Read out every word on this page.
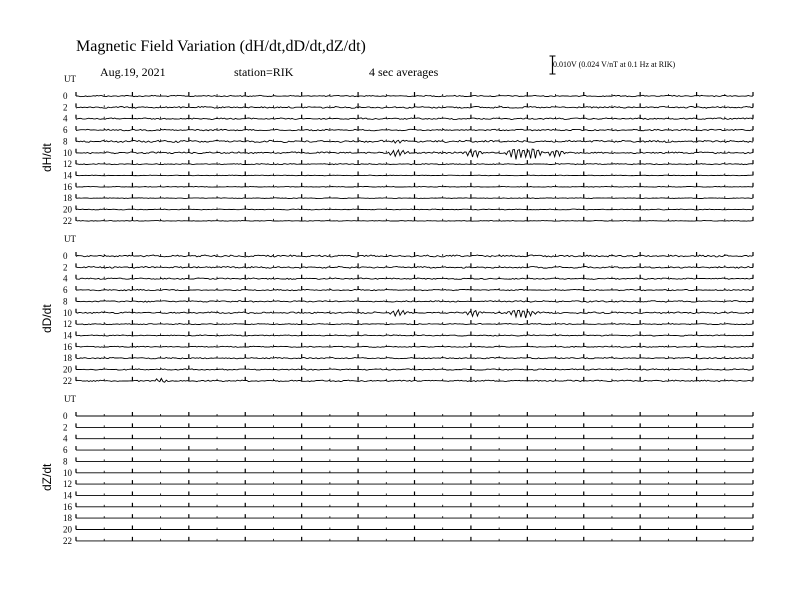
Magnetic Field Variation (dH/dt,dD/dt,dZ/dt)
Aug.19, 2021	station=RIK	4 sec averages
0.010V (0.024 V/nT at 0.1 Hz at RIK)
UT
UT
UT
dH/dt
dD/dt
dZ/dt
0
2
4
6
8
10
12
14
16
18
20
22
0
2
4
6
8
10
12
14
16
18
20
22
0
2
4
6
8
10
12
14
16
18
20
22
